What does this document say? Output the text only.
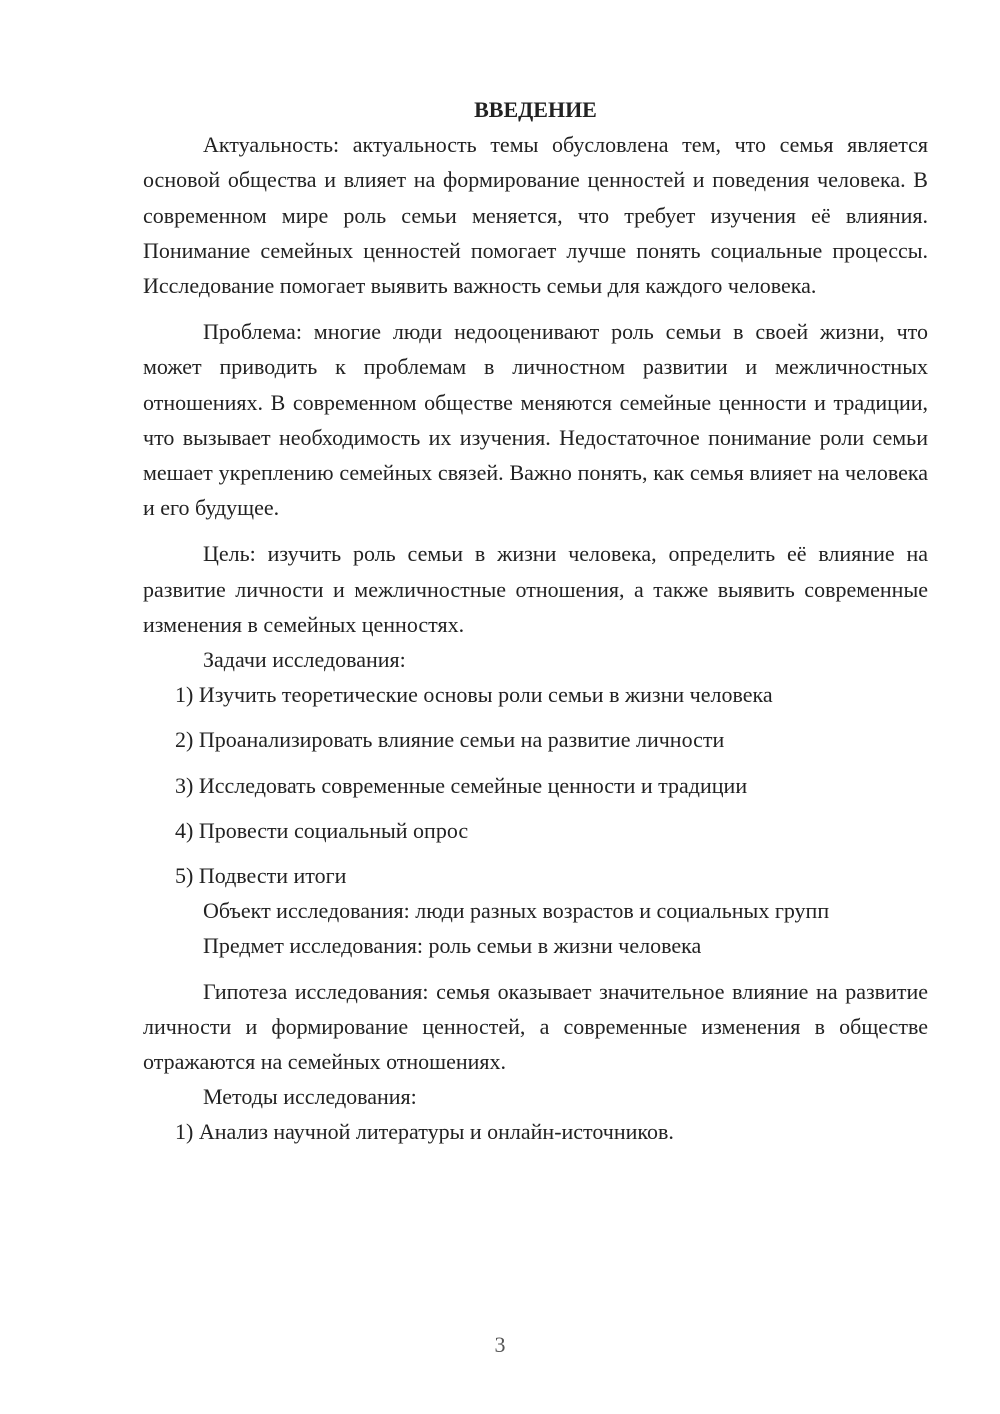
ВВЕДЕНИЕ

Актуальность: актуальность темы обусловлена тем, что семья является основой общества и влияет на формирование ценностей и поведения человека. В современном мире роль семьи меняется, что требует изучения её влияния. Понимание семейных ценностей помогает лучше понять социальные процессы. Исследование помогает выявить важность семьи для каждого человека.

Проблема: многие люди недооценивают роль семьи в своей жизни, что может приводить к проблемам в личностном развитии и межличностных отношениях. В современном обществе меняются семейные ценности и традиции, что вызывает необходимость их изучения. Недостаточное понимание роли семьи мешает укреплению семейных связей. Важно понять, как семья влияет на человека и его будущее.

Цель: изучить роль семьи в жизни человека, определить её влияние на развитие личности и межличностные отношения, а также выявить современные изменения в семейных ценностях.

Задачи исследования:

1) Изучить теоретические основы роли семьи в жизни человека
2) Проанализировать влияние семьи на развитие личности
3) Исследовать современные семейные ценности и традиции
4) Провести социальный опрос
5) Подвести итоги

Объект исследования: люди разных возрастов и социальных групп

Предмет исследования: роль семьи в жизни человека

Гипотеза исследования: семья оказывает значительное влияние на развитие личности и формирование ценностей, а современные изменения в обществе отражаются на семейных отношениях.

Методы исследования:

1) Анализ научной литературы и онлайн-источников.
3
